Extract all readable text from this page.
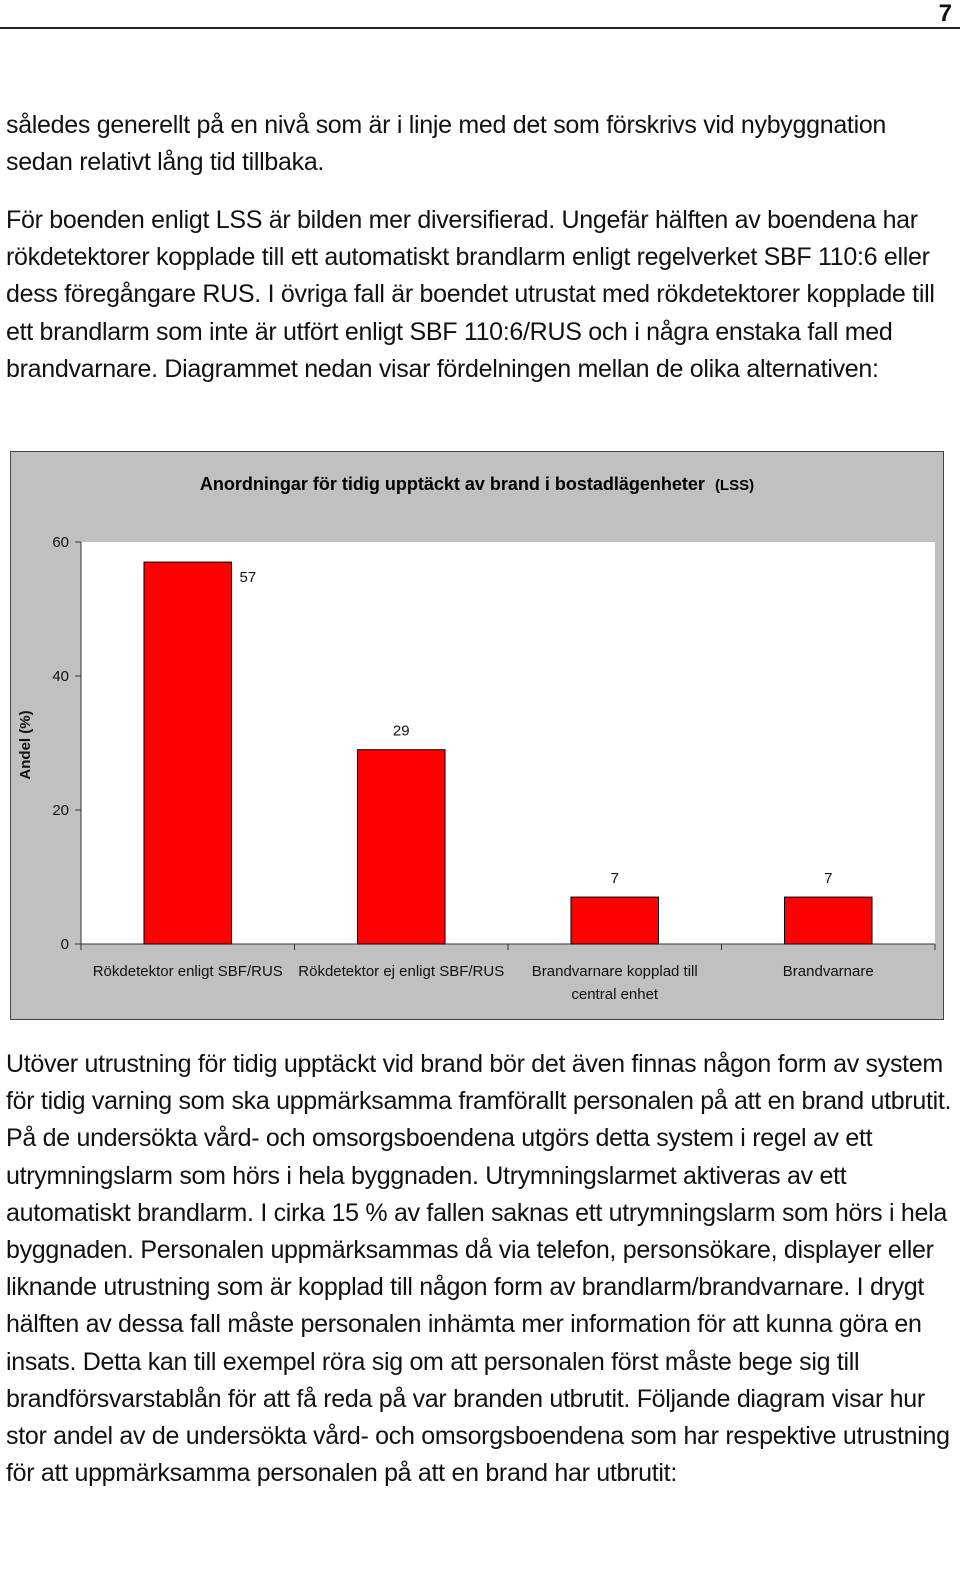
7

således generellt på en nivå som är i linje med det som förskrivs vid nybyggnation sedan relativt lång tid tillbaka.

För boenden enligt LSS är bilden mer diversifierad. Ungefär hälften av boendena har rökdetektorer kopplade till ett automatiskt brandlarm enligt regelverket SBF 110:6 eller dess föregångare RUS. I övriga fall är boendet utrustat med rökdetektorer kopplade till ett brandlarm som inte är utfört enligt SBF 110:6/RUS och i några enstaka fall med brandvarnare. Diagrammet nedan visar fördelningen mellan de olika alternativen:

Anordningar för tidig upptäckt av brand i bostadlägenheter (LSS)
Andel (%)
0
20
40
60
57
Rökdetektor enligt SBF/RUS
29
Rökdetektor ej enligt SBF/RUS
7
Brandvarnare kopplad till
central enhet
7
Brandvarnare

Utöver utrustning för tidig upptäckt vid brand bör det även finnas någon form av system för tidig varning som ska uppmärksamma framförallt personalen på att en brand utbrutit. På de undersökta vård- och omsorgsboendena utgörs detta system i regel av ett utrymningslarm som hörs i hela byggnaden. Utrymningslarmet aktiveras av ett automatiskt brandlarm. I cirka 15 % av fallen saknas ett utrymningslarm som hörs i hela byggnaden. Personalen uppmärksammas då via telefon, personsökare, displayer eller liknande utrustning som är kopplad till någon form av brandlarm/brandvarnare. I drygt hälften av dessa fall måste personalen inhämta mer information för att kunna göra en insats. Detta kan till exempel röra sig om att personalen först måste bege sig till brandförsvarstablån för att få reda på var branden utbrutit. Följande diagram visar hur stor andel av de undersökta vård- och omsorgsboendena som har respektive utrustning för att uppmärksamma personalen på att en brand har utbrutit:
